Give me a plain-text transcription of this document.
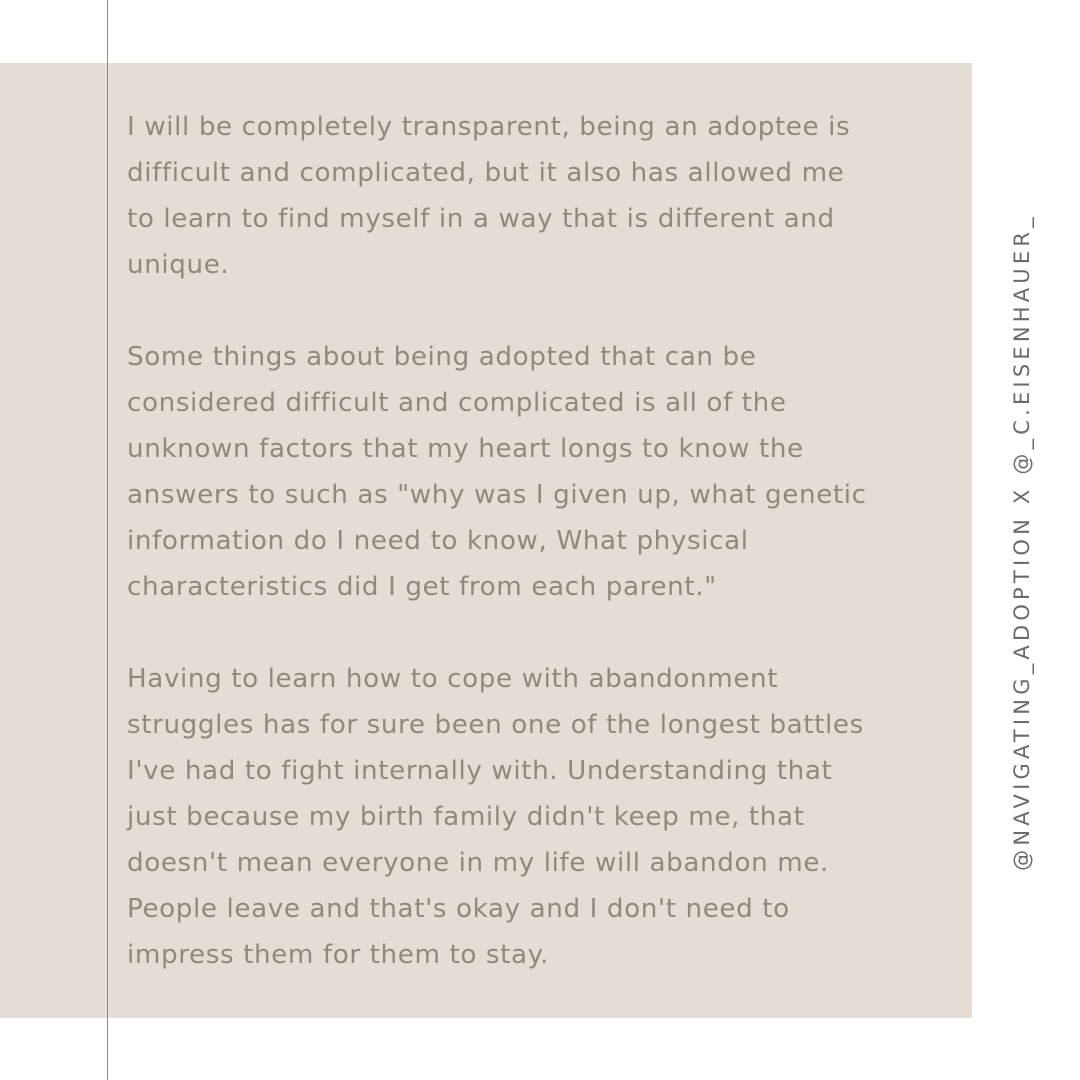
I will be completely transparent, being an adoptee is
difficult and complicated, but it also has allowed me
to learn to find myself in a way that is different and
unique.

Some things about being adopted that can be
considered difficult and complicated is all of the
unknown factors that my heart longs to know the
answers to such as "why was I given up, what genetic
information do I need to know, What physical
characteristics did I get from each parent."

Having to learn how to cope with abandonment
struggles has for sure been one of the longest battles
I've had to fight internally with. Understanding that
just because my birth family didn't keep me, that
doesn't mean everyone in my life will abandon me.
People leave and that's okay and I don't need to
impress them for them to stay.

@NAVIGATING_ADOPTION X @_C.EISENHAUER_
